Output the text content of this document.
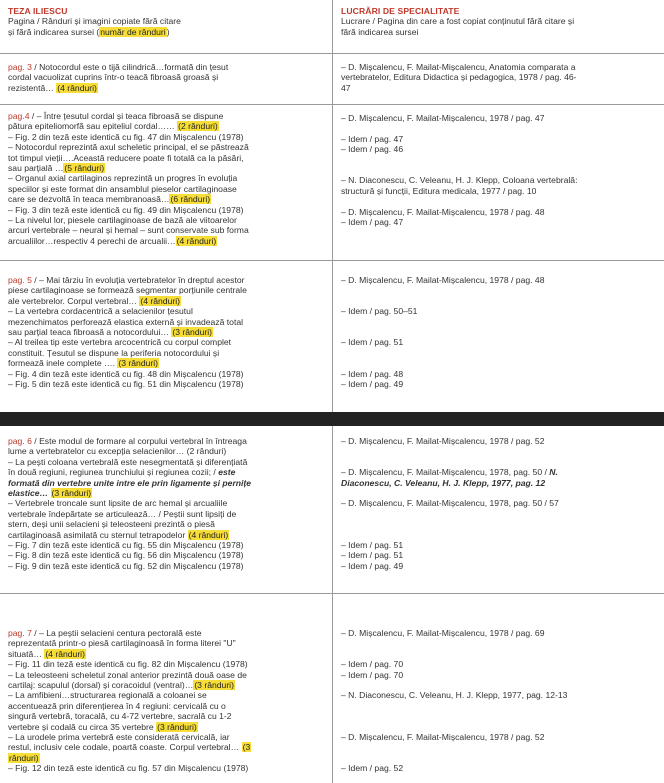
TEZA ILIESCU
Pagina / Rânduri și imagini copiate fără citare
și fără indicarea sursei (număr de rânduri)
LUCRĂRI DE SPECIALITATE
Lucrare / Pagina din care a fost copiat conținutul fără citare și
fără indicarea sursei
pag. 3 / Notocordul este o tijă cilindrică…formată din țesut
cordal vacuolizat cuprins într-o teacă fibroasă groasă și
rezistentă… (4 rânduri)
– D. Mișcalencu, F. Mailat-Mișcalencu, Anatomia comparata a
vertebratelor, Editura Didactica și pedagogica, 1978 / pag. 46-
47
pag.4 / – Între țesutul cordal și teaca fibroasă se dispune
pătura epiteliomorfă sau epiteliul cordal…… (2 rânduri)
– Fig. 2 din teză este identică cu fig. 47 din Mișcalencu (1978)
– Notocordul reprezintă axul scheletic principal, el se păstrează
tot timpul vieții….Această reducere poate fi totală ca la păsări,
sau parțială …(5 rânduri)
– Organul axial cartilaginos reprezintă un progres în evoluția
speciilor și este format din ansamblul pieselor cartilaginoase
care se dezvoltă în teaca membranoasă…(6 rânduri)
– Fig. 3 din teză este identică cu fig. 49 din Mișcalencu (1978)
– La nivelul lor, piesele cartilaginoase de bază ale viitoarelor
arcuri vertebrale – neural și hemal – sunt conservate sub forma
arcualiilor…respectiv 4 perechi de arcualii…(4 rânduri)
– D. Mișcalencu, F. Mailat-Mișcalencu, 1978 / pag. 47

– Idem / pag. 47
– Idem / pag. 46

– N. Diaconescu, C. Veleanu, H. J. Klepp, Coloana vertebrală:
structură și funcții, Editura medicala, 1977 / pag. 10

– D. Mișcalencu, F. Mailat-Mișcalencu, 1978 / pag. 48
– Idem / pag. 47
pag. 5 / – Mai târziu în evoluția vertebratelor în dreptul acestor
piese cartilaginoase se formează segmentar porțiunile centrale
ale vertebrelor. Corpul vertebral… (4 rânduri)
– La vertebra cordacentrică a selacienilor țesutul
mezenchimatos perforează elastica externă și invadează total
sau parțial teaca fibroasă a notocordului… (3 rânduri)
– Al treilea tip este vertebra arcocentrică cu corpul complet
constituit. Țesutul se dispune la periferia notocordului și
formează inele complete …. (3 rânduri)
– Fig. 4 din teză este identică cu fig. 48 din Mișcalencu (1978)
– Fig. 5 din teză este identică cu fig. 51 din Mișcalencu (1978)
– D. Mișcalencu, F. Mailat-Mișcalencu, 1978 / pag. 48

– Idem / pag. 50–51

– Idem / pag. 51

– Idem / pag. 48
– Idem / pag. 49
pag. 6 / Este modul de formare al corpului vertebral în întreaga
lume a vertebratelor cu excepția selacienilor… (2 rânduri)
– La pești coloana vertebrală este nesegmentată și diferențiată
în două regiuni, regiunea trunchiului și regiunea cozii; / este
formată din vertebre unite intre ele prin ligamente și pernițe
elastice… (3 rânduri)
– Vertebrele troncale sunt lipsite de arc hemal și arcualiile
vertebrale îndepărtate se articulează… / Peștii sunt lipsiți de
stern, deși unii selacieni și teleosteeni prezintă o piesă
cartilaginoasă asimilată cu sternul tetrapodelor (4 rânduri)
– Fig. 7 din teză este identică cu fig. 55 din Mișcalencu (1978)
– Fig. 8 din teză este identică cu fig. 56 din Mișcalencu (1978)
– Fig. 9 din teză este identică cu fig. 52 din Mișcalencu (1978)
– D. Mișcalencu, F. Mailat-Mișcalencu, 1978 / pag. 52

– D. Mișcalencu, F. Mailat-Mișcalencu, 1978, pag. 50 / N.
Diaconescu, C. Veleanu, H. J. Klepp, 1977, pag. 12

– D. Mișcalencu, F. Mailat-Mișcalencu, 1978, pag. 50 / 57

– Idem / pag. 51
– Idem / pag. 51
– Idem / pag. 49
pag. 7 / – La peștii selacieni centura pectorală este
reprezentată printr-o piesă cartilaginoasă în forma literei "U"
situată… (4 rânduri)
– Fig. 11 din teză este identică cu fig. 82 din Mișcalencu (1978)
– La teleosteeni scheletul zonal anterior prezintă două oase de
cartilaj: scapulul (dorsal) și coracoidul (ventral)…(3 rânduri)
– La amfibieni…structurarea regională a coloanei se
accentuează prin diferențierea în 4 regiuni: cervicală cu o
singură vertebră, toracală, cu 4-72 vertebre, sacrală cu 1-2
vertebre și codală cu circa 35 vertebre (3 rânduri)
– La urodele prima vertebră este considerată cervicală, iar
restul, inclusiv cele codale, poartă coaste. Corpul vertebral… (3
rânduri)
– Fig. 12 din teză este identică cu fig. 57 din Mișcalencu (1978)
– D. Mișcalencu, F. Mailat-Mișcalencu, 1978 / pag. 69

– Idem / pag. 70
– Idem / pag. 70

– N. Diaconescu, C. Veleanu, H. J. Klepp, 1977, pag. 12-13

– D. Mișcalencu, F. Mailat-Mișcalencu, 1978 / pag. 52

– Idem / pag. 52
